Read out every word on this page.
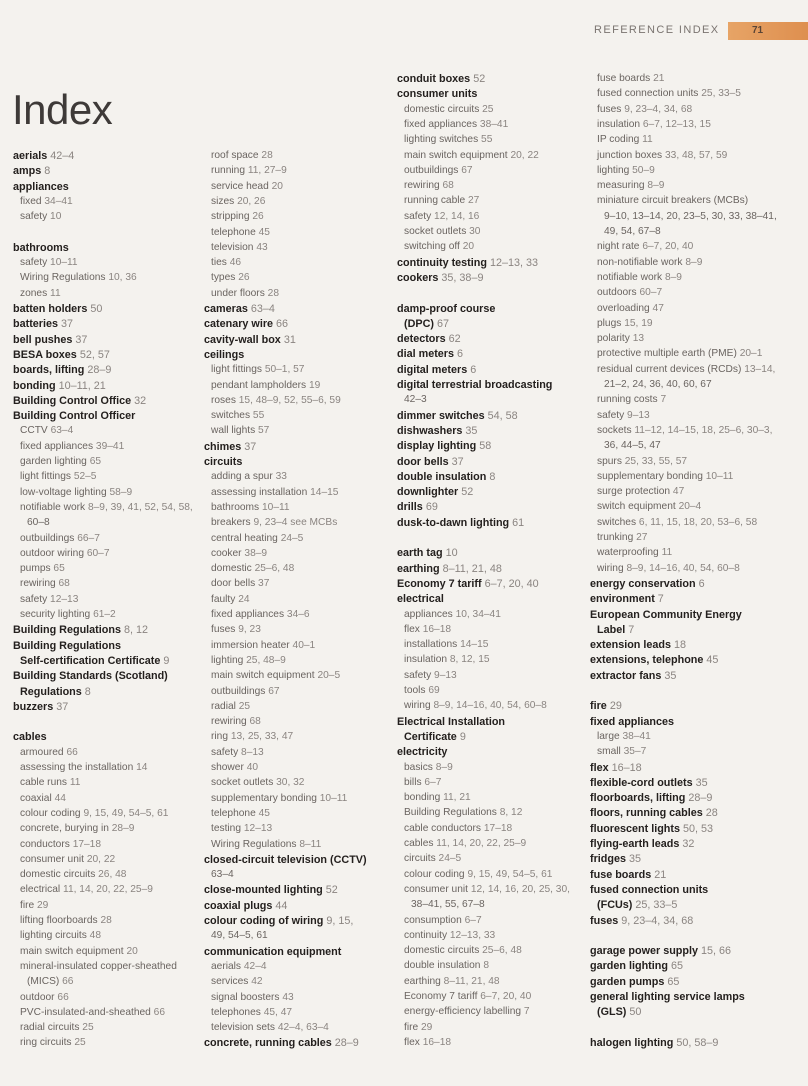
REFERENCE INDEX	71
Index
aerials 42–4
amps 8
appliances
fixed 34–41
safety 10
bathrooms
safety 10–11
Wiring Regulations 10, 36
zones 11
batten holders 50
batteries 37
bell pushes 37
BESA boxes 52, 57
boards, lifting 28–9
bonding 10–11, 21
Building Control Office 32
Building Control Officer
CCTV 63–4
fixed appliances 39–41
garden lighting 65
light fittings 52–5
low-voltage lighting 58–9
notifiable work 8–9, 39, 41, 52, 54, 58,
60–8
outbuildings 66–7
outdoor wiring 60–7
pumps 65
rewiring 68
safety 12–13
security lighting 61–2
Building Regulations 8, 12
Building Regulations
Self-certification Certificate 9
Building Standards (Scotland)
Regulations 8
buzzers 37
cables
armoured 66
assessing the installation 14
cable runs 11
coaxial 44
colour coding 9, 15, 49, 54–5, 61
concrete, burying in 28–9
conductors 17–18
consumer unit 20, 22
domestic circuits 26, 48
electrical 11, 14, 20, 22, 25–9
fire 29
lifting floorboards 28
lighting circuits 48
main switch equipment 20
mineral-insulated copper-sheathed
(MICS) 66
outdoor 66
PVC-insulated-and-sheathed 66
radial circuits 25
ring circuits 25
roof space 28
running 11, 27–9
service head 20
sizes 20, 26
stripping 26
telephone 45
television 43
ties 46
types 26
under floors 28
cameras 63–4
catenary wire 66
cavity-wall box 31
ceilings
light fittings 50–1, 57
pendant lampholders 19
roses 15, 48–9, 52, 55–6, 59
switches 55
wall lights 57
chimes 37
circuits
adding a spur 33
assessing installation 14–15
bathrooms 10–11
breakers 9, 23–4 see MCBs
central heating 24–5
cooker 38–9
domestic 25–6, 48
door bells 37
faulty 24
fixed appliances 34–6
fuses 9, 23
immersion heater 40–1
lighting 25, 48–9
main switch equipment 20–5
outbuildings 67
radial 25
rewiring 68
ring 13, 25, 33, 47
safety 8–13
shower 40
socket outlets 30, 32
supplementary bonding 10–11
telephone 45
testing 12–13
Wiring Regulations 8–11
closed-circuit television (CCTV)
63–4
close-mounted lighting 52
coaxial plugs 44
colour coding of wiring 9, 15,
49, 54–5, 61
communication equipment
aerials 42–4
services 42
signal boosters 43
telephones 45, 47
television sets 42–4, 63–4
concrete, running cables 28–9
conduit boxes 52
consumer units
domestic circuits 25
fixed appliances 38–41
lighting switches 55
main switch equipment 20, 22
outbuildings 67
rewiring 68
running cable 27
safety 12, 14, 16
socket outlets 30
switching off 20
continuity testing 12–13, 33
cookers 35, 38–9
damp-proof course
(DPC) 67
detectors 62
dial meters 6
digital meters 6
digital terrestrial broadcasting
42–3
dimmer switches 54, 58
dishwashers 35
display lighting 58
door bells 37
double insulation 8
downlighter 52
drills 69
dusk-to-dawn lighting 61
earth tag 10
earthing 8–11, 21, 48
Economy 7 tariff 6–7, 20, 40
electrical
appliances 10, 34–41
flex 16–18
installations 14–15
insulation 8, 12, 15
safety 9–13
tools 69
wiring 8–9, 14–16, 40, 54, 60–8
Electrical Installation
Certificate 9
electricity
basics 8–9
bills 6–7
bonding 11, 21
Building Regulations 8, 12
cable conductors 17–18
cables 11, 14, 20, 22, 25–9
circuits 24–5
colour coding 9, 15, 49, 54–5, 61
consumer unit 12, 14, 16, 20, 25, 30,
38–41, 55, 67–8
consumption 6–7
continuity 12–13, 33
domestic circuits 25–6, 48
double insulation 8
earthing 8–11, 21, 48
Economy 7 tariff 6–7, 20, 40
energy-efficiency labelling 7
fire 29
flex 16–18
fuse boards 21
fused connection units 25, 33–5
fuses 9, 23–4, 34, 68
insulation 6–7, 12–13, 15
IP coding 11
junction boxes 33, 48, 57, 59
lighting 50–9
measuring 8–9
miniature circuit breakers (MCBs)
9–10, 13–14, 20, 23–5, 30, 33, 38–41,
49, 54, 67–8
night rate 6–7, 20, 40
non-notifiable work 8–9
notifiable work 8–9
outdoors 60–7
overloading 47
plugs 15, 19
polarity 13
protective multiple earth (PME) 20–1
residual current devices (RCDs) 13–14,
21–2, 24, 36, 40, 60, 67
running costs 7
safety 9–13
sockets 11–12, 14–15, 18, 25–6, 30–3,
36, 44–5, 47
spurs 25, 33, 55, 57
supplementary bonding 10–11
surge protection 47
switch equipment 20–4
switches 6, 11, 15, 18, 20, 53–6, 58
trunking 27
waterproofing 11
wiring 8–9, 14–16, 40, 54, 60–8
energy conservation 6
environment 7
European Community Energy
Label 7
extension leads 18
extensions, telephone 45
extractor fans 35
fire 29
fixed appliances
large 38–41
small 35–7
flex 16–18
flexible-cord outlets 35
floorboards, lifting 28–9
floors, running cables 28
fluorescent lights 50, 53
flying-earth leads 32
fridges 35
fuse boards 21
fused connection units
(FCUs) 25, 33–5
fuses 9, 23–4, 34, 68
garage power supply 15, 66
garden lighting 65
garden pumps 65
general lighting service lamps
(GLS) 50
halogen lighting 50, 58–9
